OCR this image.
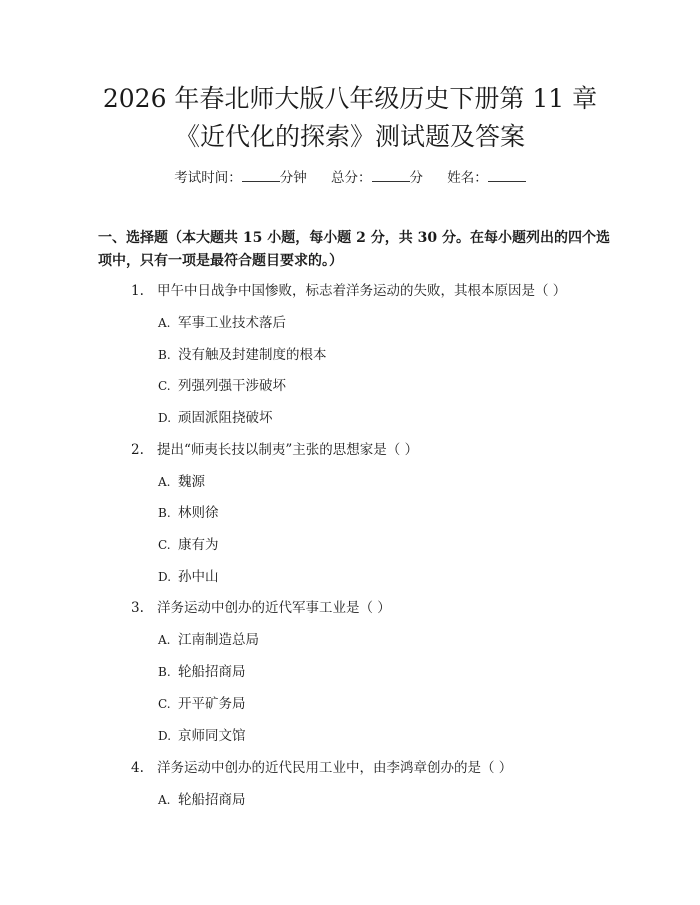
2026 年春北师大版八年级历史下册第 11 章
《近代化的探索》测试题及答案
考试时间：	分钟 总分：	分 姓名：

一、选择题（本大题共 15 小题，每小题 2 分，共 30 分。在每小题列出的四个选

项中，只有一项是最符合题目要求的。）

1. 甲午中日战争中国惨败，标志着洋务运动的失败，其根本原因是（ ）
A. 军事工业技术落后
B. 没有触及封建制度的根本
C. 列强列强干涉破坏
D. 顽固派阻挠破坏
2. 提出“师夷长技以制夷”主张的思想家是（ ）
A. 魏源
B. 林则徐
C. 康有为
D. 孙中山
3. 洋务运动中创办的近代军事工业是（ ）
A. 江南制造总局
B. 轮船招商局
C. 开平矿务局
D. 京师同文馆
4. 洋务运动中创办的近代民用工业中，由李鸿章创办的是（ ）
A. 轮船招商局
